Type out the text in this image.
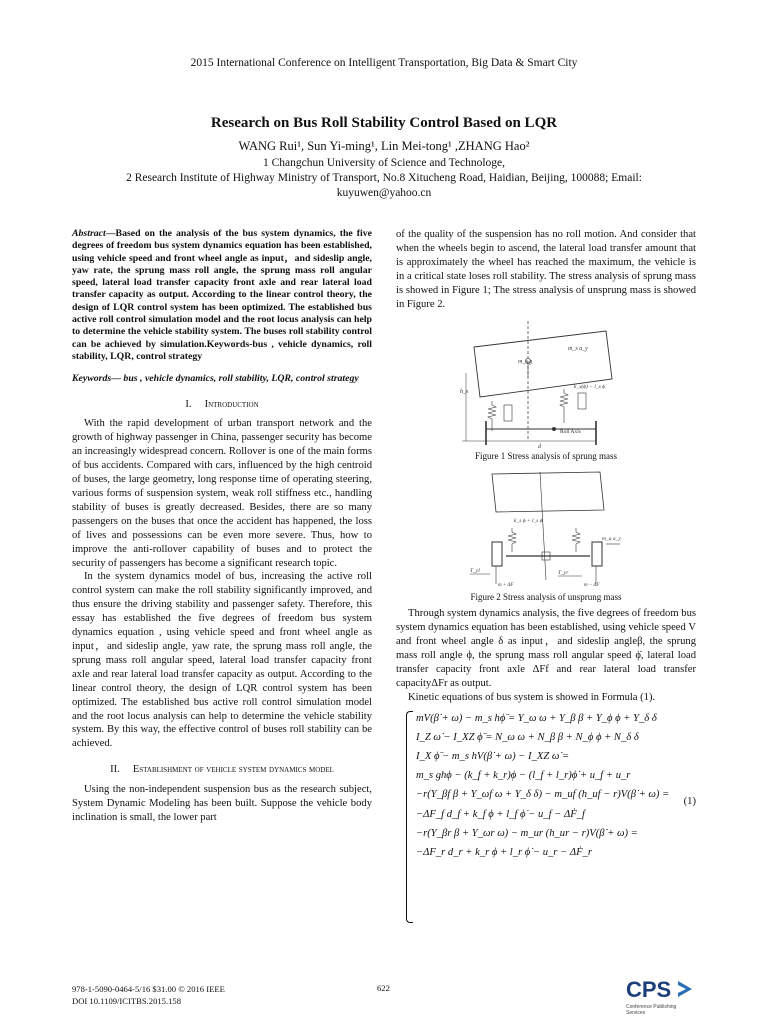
2015 International Conference on Intelligent Transportation, Big Data & Smart City
Research on Bus Roll Stability Control Based on LQR
WANG Rui¹, Sun Yi-ming¹, Lin Mei-tong¹ ,ZHANG Hao²
1 Changchun University of Science and Technologe,
2 Research Institute of Highway Ministry of Transport, No.8 Xitucheng Road, Haidian, Beijing, 100088; Email:
kuyuwen@yahoo.cn

Abstract—Based on the analysis of the bus system dynamics, the five degrees of freedom bus system dynamics equation has been established, using vehicle speed and front wheel angle as input，and sideslip angle, yaw rate, the sprung mass roll angle, the sprung mass roll angular speed, lateral load transfer capacity front axle and rear lateral load transfer capacity as output. According to the linear control theory, the design of LQR control system has been optimized. The established bus active roll control simulation model and the root locus analysis can help to determine the vehicle stability system. The buses roll stability control can be achieved by simulation.Keywords-bus , vehicle dynamics, roll stability, LQR, control strategy

Keywords— bus , vehicle dynamics, roll stability, LQR, control strategy

I. Introduction

With the rapid development of urban transport network and the growth of highway passenger in China, passenger security has become an increasingly widespread concern. Rollover is one of the main forms of bus accidents. Compared with cars, influenced by the high centroid of buses, the large geometry, long response time of operating steering, various forms of suspension system, weak roll stiffness etc., handling stability of buses is greatly decreased. Besides, there are so many passengers on the buses that once the accident has happened, the loss of lives and possessions can be even more severe. Thus, how to improve the anti-rollover capability of buses and to protect the security of passengers has become a significant research topic.

In the system dynamics model of bus, increasing the active roll control system can make the roll stability significantly improved, and thus ensure the driving stability and passenger safety. Therefore, this essay has established the five degrees of freedom bus system dynamics equation , using vehicle speed and front wheel angle as input，and sideslip angle, yaw rate, the sprung mass roll angle, the sprung mass roll angular speed, lateral load transfer capacity front axle and rear lateral load transfer capacity as output. According to the linear control theory, the design of LQR control system has been optimized. The established bus active roll control simulation model and the root locus analysis can help to determine the vehicle stability system. By this way, the effective control of buses roll stability can be achieved.

II. Establishment of vehicle system dynamics model

Using the non-independent suspension bus as the research subject, System Dynamic Modeling has been built. Suppose the vehicle body inclination is small, the lower part

of the quality of the suspension has no roll motion. And consider that when the wheels begin to ascend, the lateral load transfer amount that is approximately the wheel has reached the maximum, the vehicle is in a critical state loses roll stability. The stress analysis of sprung mass is showed in Figure 1; The stress analysis of unsprung mass is showed in Figure 2.

m_s a_y
m_s g
h_s
k_s(ϕ) − l_s ϕ̇
Roll Axis
d
Figure 1 Stress analysis of sprung mass
k_s ϕ + l_s ϕ̇
m_u a_y
T_yl	T_yr
m + ΔF	m − ΔF
Figure 2 Stress analysis of unsprung mass

Through system dynamics analysis, the five degrees of freedom bus system dynamics equation has been established, using vehicle speed V and front wheel angle δ as input，and sideslip angleβ, the sprung mass roll angle ϕ, the sprung mass roll angular speed ϕ̇, lateral load transfer capacity front axle ΔFf and rear lateral load transfer capacityΔFr as output.

Kinetic equations of bus system is showed in Formula (1).

mV(β̇ + ω) − m_s hϕ̈ = Y_ω ω + Y_β β + Y_ϕ ϕ + Y_δ δ
I_Z ω̇ − I_XZ ϕ̈ = N_ω ω + N_β β + N_ϕ ϕ + N_δ δ
I_X ϕ̈ − m_s hV(β̇ + ω) − I_XZ ω̇ =
m_s ghϕ − (k_f + k_r)ϕ − (l_f + l_r)ϕ̇ + u_f + u_r
−r(Y_βf β + Y_ωf ω + Y_δ δ) − m_uf (h_uf − r)V(β̇ + ω) =
−ΔF_f d_f + k_f ϕ + l_f ϕ̇ − u_f − ΔḞ_f
−r(Y_βr β + Y_ωr ω) − m_ur (h_ur − r)V(β̇ + ω) =
−ΔF_r d_r + k_r ϕ + l_r ϕ̇ − u_r − ΔḞ_r
(1)
978-1-5090-0464-5/16 $31.00 © 2016 IEEE
DOI 10.1109/ICITBS.2015.158
622	CPS
Conference Publishing Services
